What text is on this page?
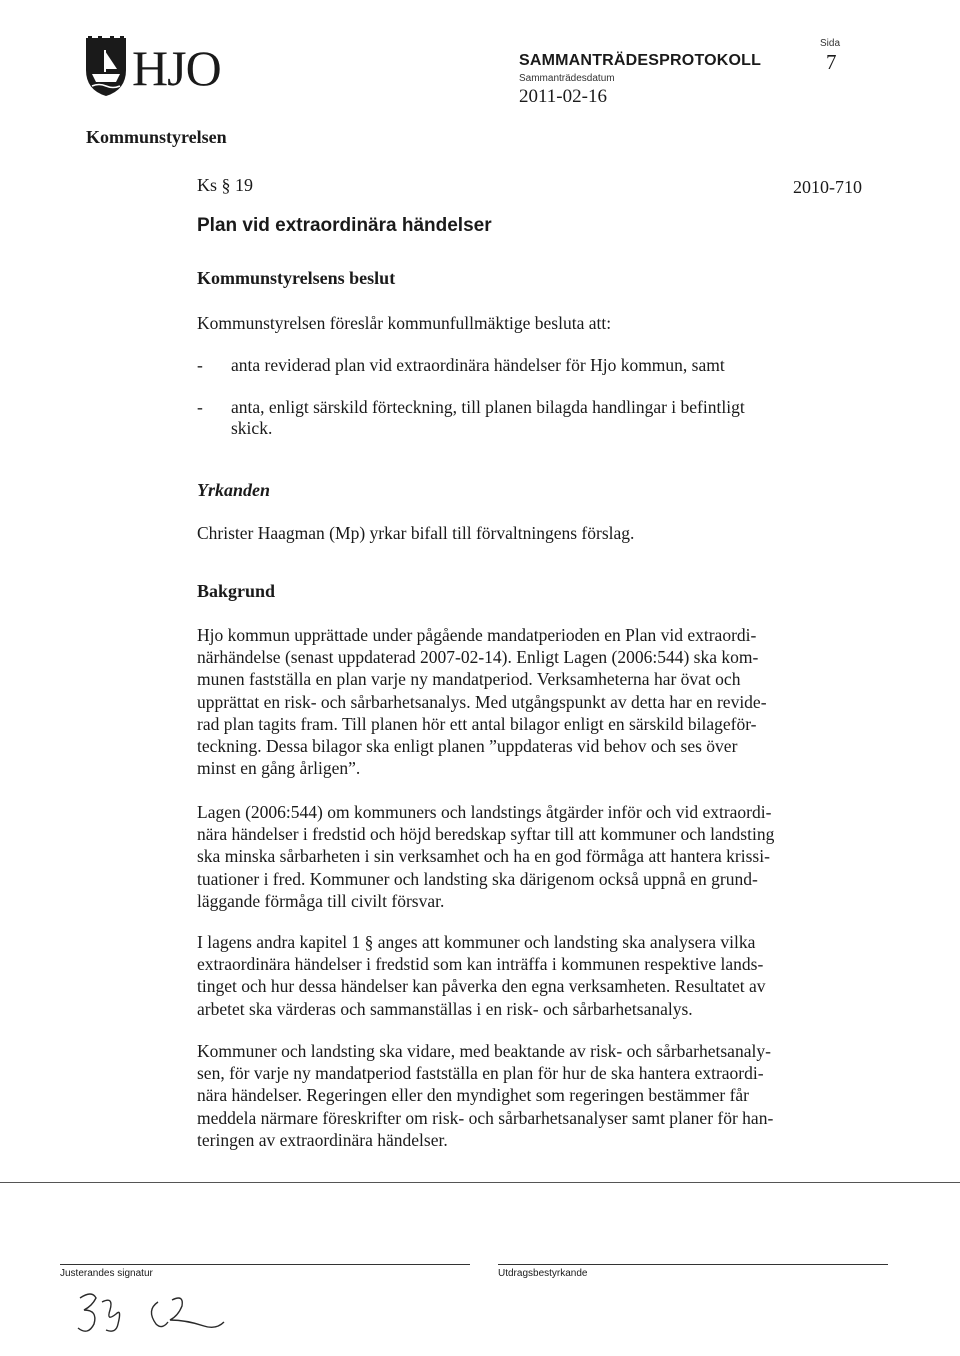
HJO	SAMMANTRÄDESPROTOKOLL
Sammanträdesdatum
2011-02-16
Sida
7
Kommunstyrelsen
Ks § 19	2010-710
Plan vid extraordinära händelser
Kommunstyrelsens beslut
Kommunstyrelsen föreslår kommunfullmäktige besluta att:
- anta reviderad plan vid extraordinära händelser för Hjo kommun, samt
- anta, enligt särskild förteckning, till planen bilagda handlingar i befintligt
skick.
Yrkanden
Christer Haagman (Mp) yrkar bifall till förvaltningens förslag.
Bakgrund
Hjo kommun upprättade under pågående mandatperioden en Plan vid extraordi-
närhändelse (senast uppdaterad 2007-02-14). Enligt Lagen (2006:544) ska kom-
munen fastställa en plan varje ny mandatperiod. Verksamheterna har övat och
upprättat en risk- och sårbarhetsanalys. Med utgångspunkt av detta har en revide-
rad plan tagits fram. Till planen hör ett antal bilagor enligt en särskild bilageför-
teckning. Dessa bilagor ska enligt planen ”uppdateras vid behov och ses över
minst en gång årligen”.
Lagen (2006:544) om kommuners och landstings åtgärder inför och vid extraordi-
nära händelser i fredstid och höjd beredskap syftar till att kommuner och landsting
ska minska sårbarheten i sin verksamhet och ha en god förmåga att hantera krissi-
tuationer i fred. Kommuner och landsting ska därigenom också uppnå en grund-
läggande förmåga till civilt försvar.
I lagens andra kapitel 1 § anges att kommuner och landsting ska analysera vilka
extraordinära händelser i fredstid som kan inträffa i kommunen respektive lands-
tinget och hur dessa händelser kan påverka den egna verksamheten. Resultatet av
arbetet ska värderas och sammanställas i en risk- och sårbarhetsanalys.
Kommuner och landsting ska vidare, med beaktande av risk- och sårbarhetsanaly-
sen, för varje ny mandatperiod fastställa en plan för hur de ska hantera extraordi-
nära händelser. Regeringen eller den myndighet som regeringen bestämmer får
meddela närmare föreskrifter om risk- och sårbarhetsanalyser samt planer för han-
teringen av extraordinära händelser.
Justerandes signatur	Utdragsbestyrkande
